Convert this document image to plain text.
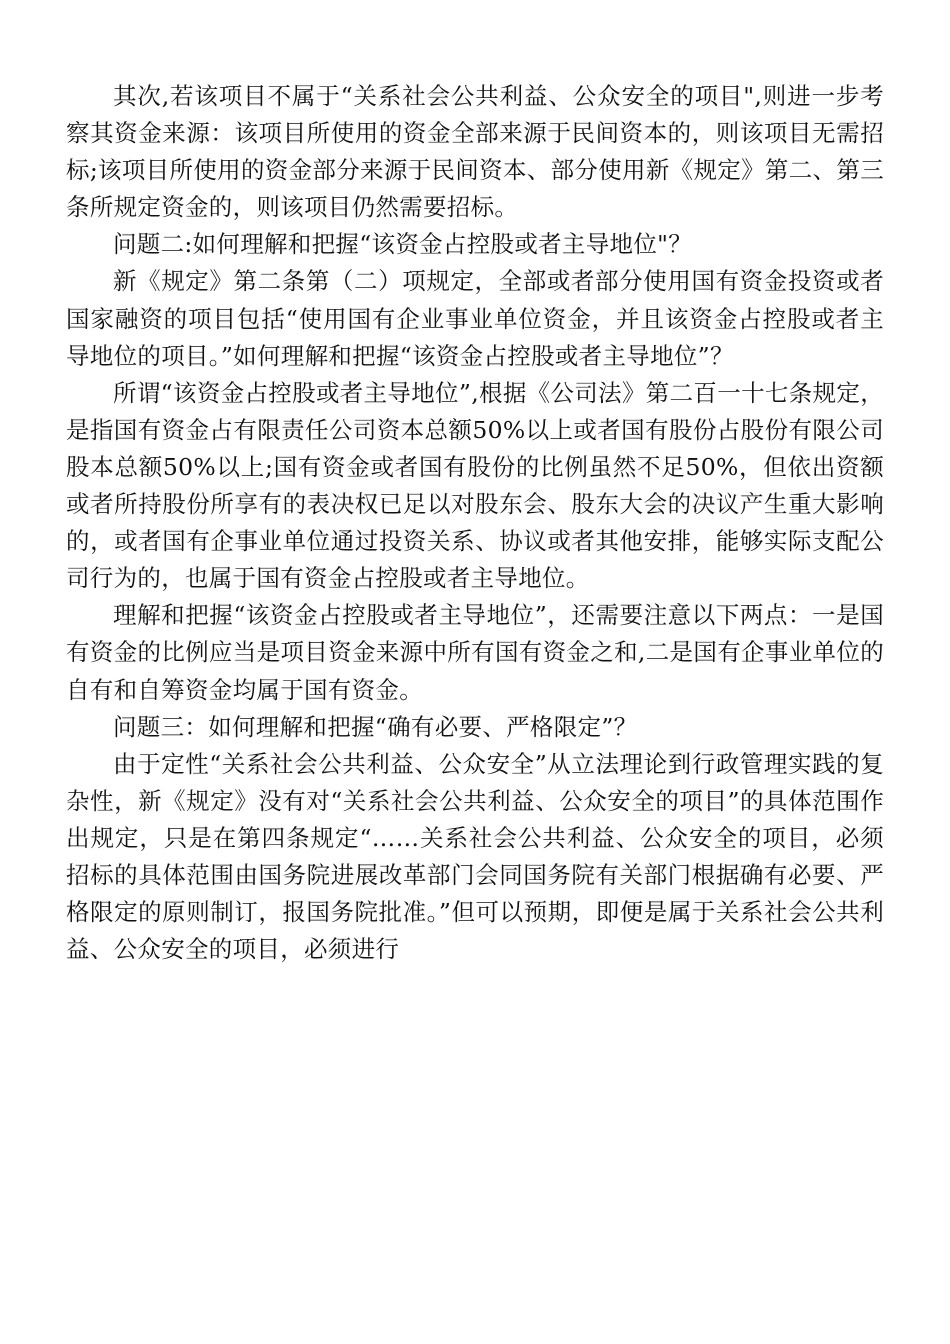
其次,若该项目不属于“关系社会公共利益、公众安全的项目",则进一步考察其资金来源：该项目所使用的资金全部来源于民间资本的，则该项目无需招标;该项目所使用的资金部分来源于民间资本、部分使用新《规定》第二、第三条所规定资金的，则该项目仍然需要招标。

问题二:如何理解和把握“该资金占控股或者主导地位"？

新《规定》第二条第（二）项规定，全部或者部分使用国有资金投资或者国家融资的项目包括“使用国有企业事业单位资金，并且该资金占控股或者主导地位的项目。”如何理解和把握“该资金占控股或者主导地位”？

所谓“该资金占控股或者主导地位”,根据《公司法》第二百一十七条规定，是指国有资金占有限责任公司资本总额50%以上或者国有股份占股份有限公司股本总额50%以上;国有资金或者国有股份的比例虽然不足50%，但依出资额或者所持股份所享有的表决权已足以对股东会、股东大会的决议产生重大影响的，或者国有企事业单位通过投资关系、协议或者其他安排，能够实际支配公司行为的，也属于国有资金占控股或者主导地位。

理解和把握“该资金占控股或者主导地位”，还需要注意以下两点：一是国有资金的比例应当是项目资金来源中所有国有资金之和,二是国有企事业单位的自有和自筹资金均属于国有资金。

问题三：如何理解和把握“确有必要、严格限定”？

由于定性“关系社会公共利益、公众安全”从立法理论到行政管理实践的复杂性，新《规定》没有对“关系社会公共利益、公众安全的项目”的具体范围作出规定，只是在第四条规定“……关系社会公共利益、公众安全的项目，必须招标的具体范围由国务院进展改革部门会同国务院有关部门根据确有必要、严格限定的原则制订，报国务院批准。”但可以预期，即便是属于关系社会公共利益、公众安全的项目，必须进行
